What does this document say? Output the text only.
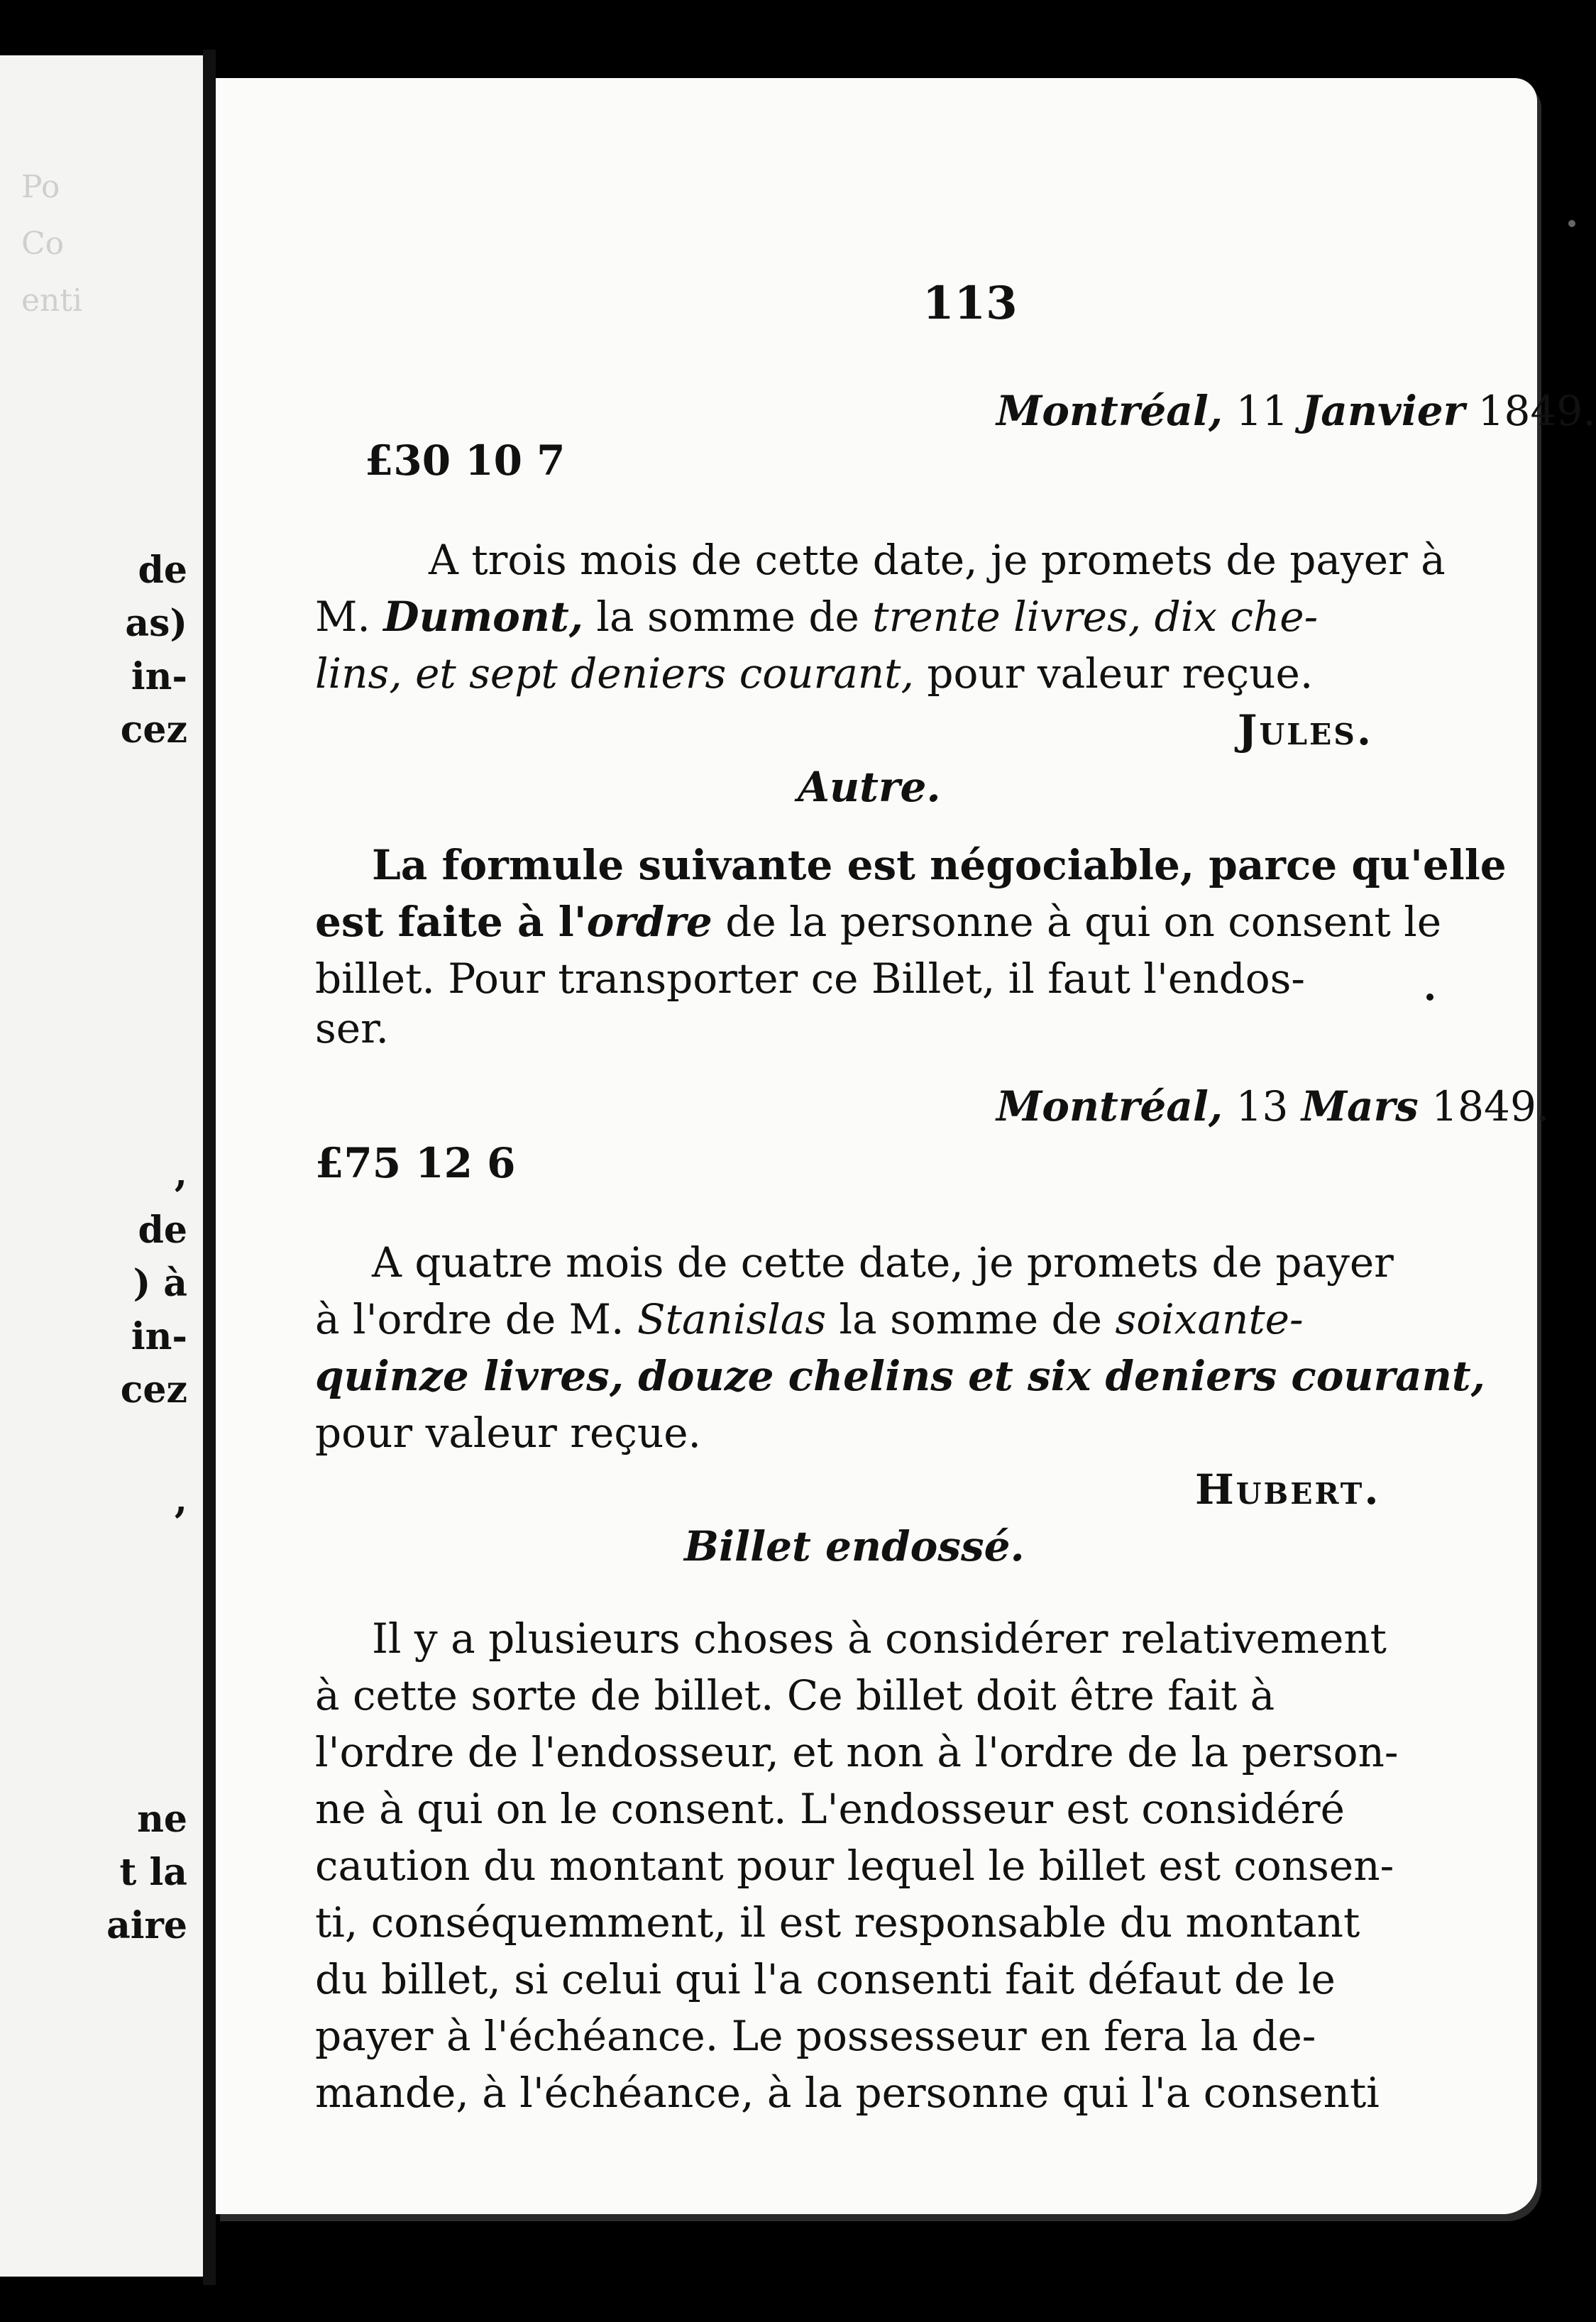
Po
Co
enti
de
as)
in-
cez
,
de
) à
in-
cez
,
ne
t la
aire
113
Montréal, 11 Janvier 1849.
£30 10 7
A trois mois de cette date, je promets de payer à
M. Dumont, la somme de trente livres, dix che-
lins, et sept deniers courant, pour valeur reçue.
Jules.
Autre.
La formule suivante est négociable, parce qu'elle
est faite à l'ordre de la personne à qui on consent le
billet. Pour transporter ce Billet, il faut l'endos-
ser.
Montréal, 13 Mars 1849.
£75 12 6
A quatre mois de cette date, je promets de payer
à l'ordre de M. Stanislas la somme de soixante-
quinze livres, douze chelins et six deniers courant,
pour valeur reçue.
Hubert.
Billet endossé.
Il y a plusieurs choses à considérer relativement
à cette sorte de billet. Ce billet doit être fait à
l'ordre de l'endosseur, et non à l'ordre de la person-
ne à qui on le consent. L'endosseur est considéré
caution du montant pour lequel le billet est consen-
ti, conséquemment, il est responsable du montant
du billet, si celui qui l'a consenti fait défaut de le
payer à l'échéance. Le possesseur en fera la de-
mande, à l'échéance, à la personne qui l'a consenti
